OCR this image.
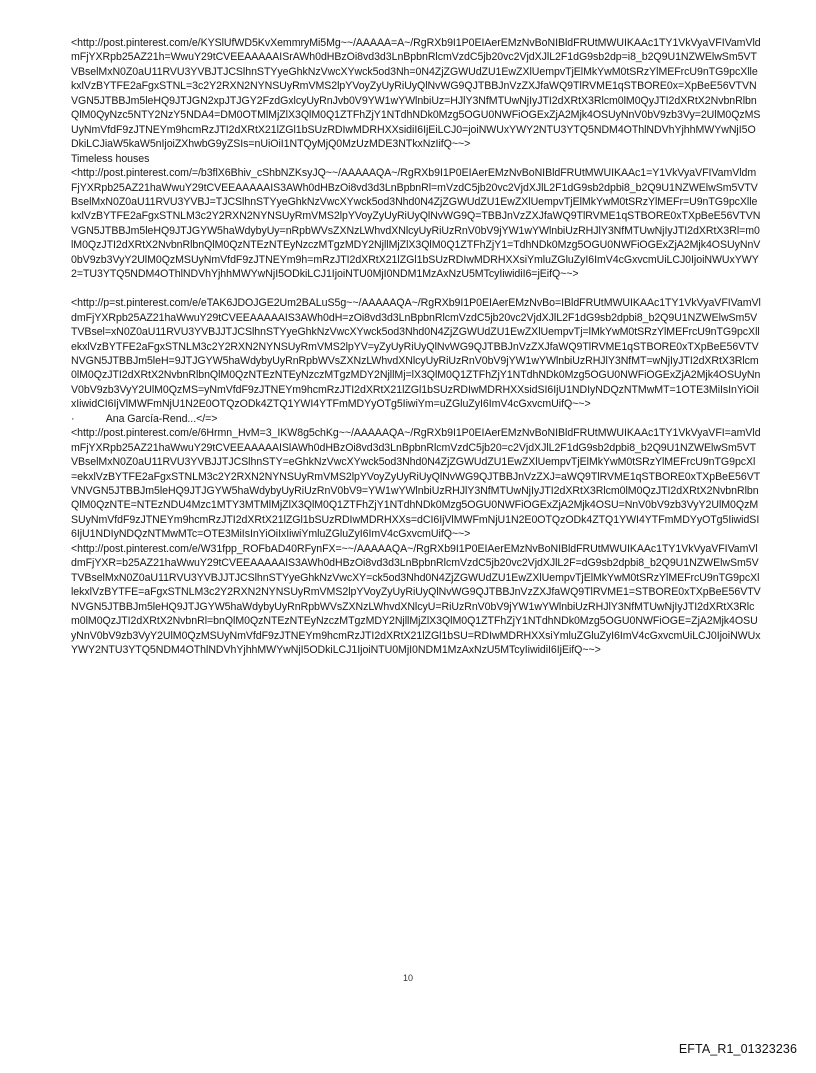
<http://post.pinterest.com/e/KYSlUfWD5KvXemmryMi5Mg~~/AAAAA=A~/RgRXb9I1P0EIAerEMzNvBoNIBldFRUtMWUIKAAc1TY1VkVyaVFIVamVldmFjYXRpb25AZ21h=WwuY29tCVEEAAAAAISrAWh0dHBzOi8vd3d3LnBpbnRlcmVzdC5jb20vc2VjdXJlL2F1dG9sb2dp=i8_b2Q9U1NZWElwSm5VTVBselMxN0Z0aU11RVU3YVBJTJCSlhnSTYyeGhkNzVwcXYwck5od3Nh=0N4ZjZGWUdZU1EwZXlUempvTjElMkYwM0tSRzYlMEFrcU9nTG9pcXllekxlVzBYTFE2aFgxSTNL=3c2Y2RXN2NYNSUyRmVMS2lpYVoyZyUyRiUyQlNvWG9QJTBBJnVzZXJfaWQ9TlRVME1qSTBORE0x=XpBeE56VTVNVGN5JTBBJm5leHQ9JTJGN2xpJTJGY2FzdGxlcyUyRnJvb0V9YW1wYWlnbiUz=HJlY3NfMTUwNjIyJTI2dXRtX3Rlcm0lM0QyJTI2dXRtX2NvbnRlbnQlM0QyNzc5NTY2NzY5NDA4=DM0OTMlMjZlX3QlM0Q1ZTFhZjY1NTdhNDk0Mzg5OGU0NWFiOGExZjA2Mjk4OSUyNnV0bV9zb3Vy=2UlM0QzMSUyNmVfdF9zJTNEYm9hcmRzJTI2dXRtX21lZGl1bSUzRDIwMDRHXXsidiI6IjEiLCJ0=joiNWUxYWY2NTU3YTQ5NDM4OThlNDVhYjhhMWYwNjI5ODkiLCJiaW5kaW5nIjoiZXhwbG9yZSIs=nUiOiI1NTQyMjQ0MzUzMDE3NTkxNzIifQ~~>

Timeless houses

<http://post.pinterest.com/=/b3flX6Bhiv_cShbNZKsyJQ~~/AAAAAQA~/RgRXb9I1P0EIAerEMzNvBoNIBldFRUtMWUIKAAc1=Y1VkVyaVFIVamVldmFjYXRpb25AZ21haWwuY29tCVEEAAAAAIS3AWh0dHBzOi8vd3d3LnBpbnRl=mVzdC5jb20vc2VjdXJlL2F1dG9sb2dpbi8_b2Q9U1NZWElwSm5VTVBselMxN0Z0aU11RVU3YVBJ=TJCSlhnSTYyeGhkNzVwcXYwck5od3Nhd0N4ZjZGWUdZU1EwZXlUempvTjElMkYwM0tSRzYlMEFr=U9nTG9pcXllekxlVzBYTFE2aFgxSTNLM3c2Y2RXN2NYNSUyRmVMS2lpYVoyZyUyRiUyQlNvWG9Q=TBBJnVzZXJfaWQ9TlRVME1qSTBORE0xTXpBeE56VTVNVGN5JTBBJm5leHQ9JTJGYW5haWdybyUy=nRpbWVsZXNzLWhvdXNlcyUyRiUzRnV0bV9jYW1wYWlnbiUzRHJlY3NfMTUwNjIyJTI2dXRtX3Rl=m0lM0QzJTI2dXRtX2NvbnRlbnQlM0QzNTEzNTEyNzczMTgzMDY2NjllMjZlX3QlM0Q1ZTFhZjY1=TdhNDk0Mzg5OGU0NWFiOGExZjA2Mjk4OSUyNnV0bV9zb3VyY2UlM0QzMSUyNmVfdF9zJTNEYm9h=mRzJTI2dXRtX21lZGl1bSUzRDIwMDRHXXsiYmluZGluZyI6ImV4cGxvcmUiLCJ0IjoiNWUxYWY2=TU3YTQ5NDM4OThlNDVhYjhhMWYwNjI5ODkiLCJ1IjoiNTU0MjI0NDM1MzAxNzU5MTcyIiwidiI6=jEifQ~~>

<http://p=st.pinterest.com/e/eTAK6JDOJGE2Um2BALuS5g~~/AAAAAQA~/RgRXb9I1P0EIAerEMzNvBo=IBldFRUtMWUIKAAc1TY1VkVyaVFIVamVldmFjYXRpb25AZ21haWwuY29tCVEEAAAAAIS3AWh0dH=zOi8vd3d3LnBpbnRlcmVzdC5jb20vc2VjdXJlL2F1dG9sb2dpbi8_b2Q9U1NZWElwSm5VTVBsel=xN0Z0aU11RVU3YVBJJTJCSlhnSTYyeGhkNzVwcXYwck5od3Nhd0N4ZjZGWUdZU1EwZXlUempvTj=lMkYwM0tSRzYlMEFrcU9nTG9pcXllekxlVzBYTFE2aFgxSTNLM3c2Y2RXN2NYNSUyRmVMS2lpYV=yZyUyRiUyQlNvWG9QJTBBJnVzZXJfaWQ9TlRVME1qSTBORE0xTXpBeE56VTVNVGN5JTBBJm5leH=9JTJGYW5haWdybyUyRnRpbWVsZXNzLWhvdXNlcyUyRiUzRnV0bV9jYW1wYWlnbiUzRHJlY3NfMT=wNjIyJTI2dXRtX3Rlcm0lM0QzJTI2dXRtX2NvbnRlbnQlM0QzNTEzNTEyNzczMTgzMDY2NjllMj=lX3QlM0Q1ZTFhZjY1NTdhNDk0Mzg5OGU0NWFiOGExZjA2Mjk4OSUyNnV0bV9zb3VyY2UlM0QzMS=yNmVfdF9zJTNEYm9hcmRzJTI2dXRtX21lZGl1bSUzRDIwMDRHXXsidSI6IjU1NDIyNDQzNTMwMT=1OTE3MiIsInYiOiIxIiwidCI6IjVlMWFmNjU1N2E0OTQzODk4ZTQ1YWI4YTFmMDYyOTg5IiwiYm=uZGluZyI6ImV4cGxvcmUifQ~~>

·           Ana García-Rend...</=>

<http://post.pinterest.com/e/6Hrmn_HvM=3_IKW8g5chKg~~/AAAAAQA~/RgRXb9I1P0EIAerEMzNvBoNIBldFRUtMWUIKAAc1TY1VkVyaVFI=amVldmFjYXRpb25AZ21haWwuY29tCVEEAAAAAISlAWh0dHBzOi8vd3d3LnBpbnRlcmVzdC5jb20=c2VjdXJlL2F1dG9sb2dpbi8_b2Q9U1NZWElwSm5VTVBselMxN0Z0aU11RVU3YVBJJTJCSlhnSTY=eGhkNzVwcXYwck5od3Nhd0N4ZjZGWUdZU1EwZXlUempvTjElMkYwM0tSRzYlMEFrcU9nTG9pcXl=ekxlVzBYTFE2aFgxSTNLM3c2Y2RXN2NYNSUyRmVMS2lpYVoyZyUyRiUyQlNvWG9QJTBBJnVzZXJ=aWQ9TlRVME1qSTBORE0xTXpBeE56VTVNVGN5JTBBJm5leHQ9JTJGYW5haWdybyUyRiUzRnV0bV9=YW1wYWlnbiUzRHJlY3NfMTUwNjIyJTI2dXRtX3Rlcm0lM0QzJTI2dXRtX2NvbnRlbnQlM0QzNTE=NTEzNDU4Mzc1MTY3MTMlMjZlX3QlM0Q1ZTFhZjY1NTdhNDk0Mzg5OGU0NWFiOGExZjA2Mjk4OSU=NnV0bV9zb3VyY2UlM0QzMSUyNmVfdF9zJTNEYm9hcmRzJTI2dXRtX21lZGl1bSUzRDIwMDRHXXs=dCI6IjVlMWFmNjU1N2E0OTQzODk4ZTQ1YWI4YTFmMDYyOTg5IiwidSI6IjU1NDIyNDQzNTMwMTc=OTE3MiIsInYiOiIxIiwiYmluZGluZyI6ImV4cGxvcmUifQ~~>

<http://post.pinterest.com/e/W31fpp_ROFbAD40RFynFX=~~/AAAAAQA~/RgRXb9I1P0EIAerEMzNvBoNIBldFRUtMWUIKAAc1TY1VkVyaVFIVamVldmFjYXR=b25AZ21haWwuY29tCVEEAAAAAIS3AWh0dHBzOi8vd3d3LnBpbnRlcmVzdC5jb20vc2VjdXJlL2F=dG9sb2dpbi8_b2Q9U1NZWElwSm5VTVBselMxN0Z0aU11RVU3YVBJJTJCSlhnSTYyeGhkNzVwcXY=ck5od3Nhd0N4ZjZGWUdZU1EwZXlUempvTjElMkYwM0tSRzYlMEFrcU9nTG9pcXllekxlVzBYTFE=aFgxSTNLM3c2Y2RXN2NYNSUyRmVMS2lpYVoyZyUyRiUyQlNvWG9QJTBBJnVzZXJfaWQ9TlRVME1=STBORE0xTXpBeE56VTVNVGN5JTBBJm5leHQ9JTJGYW5haWdybyUyRnRpbWVsZXNzLWhvdXNlcyU=RiUzRnV0bV9jYW1wYWlnbiUzRHJlY3NfMTUwNjIyJTI2dXRtX3Rlcm0lM0QzJTI2dXRtX2NvbnRl=bnQlM0QzNTEzNTEyNzczMTgzMDY2NjllMjZlX3QlM0Q1ZTFhZjY1NTdhNDk0Mzg5OGU0NWFiOGE=ZjA2Mjk4OSUyNnV0bV9zb3VyY2UlM0QzMSUyNmVfdF9zJTNEYm9hcmRzJTI2dXRtX21lZGl1bSU=RDIwMDRHXXsiYmluZGluZyI6ImV4cGxvcmUiLCJ0IjoiNWUxYWY2NTU3YTQ5NDM4OThlNDVhYjhhMWYwNjI5ODkiLCJ1IjoiNTU0MjI0NDM1MzAxNzU5MTcyIiwidiI6IjEifQ~~>

10
EFTA_R1_01323236
